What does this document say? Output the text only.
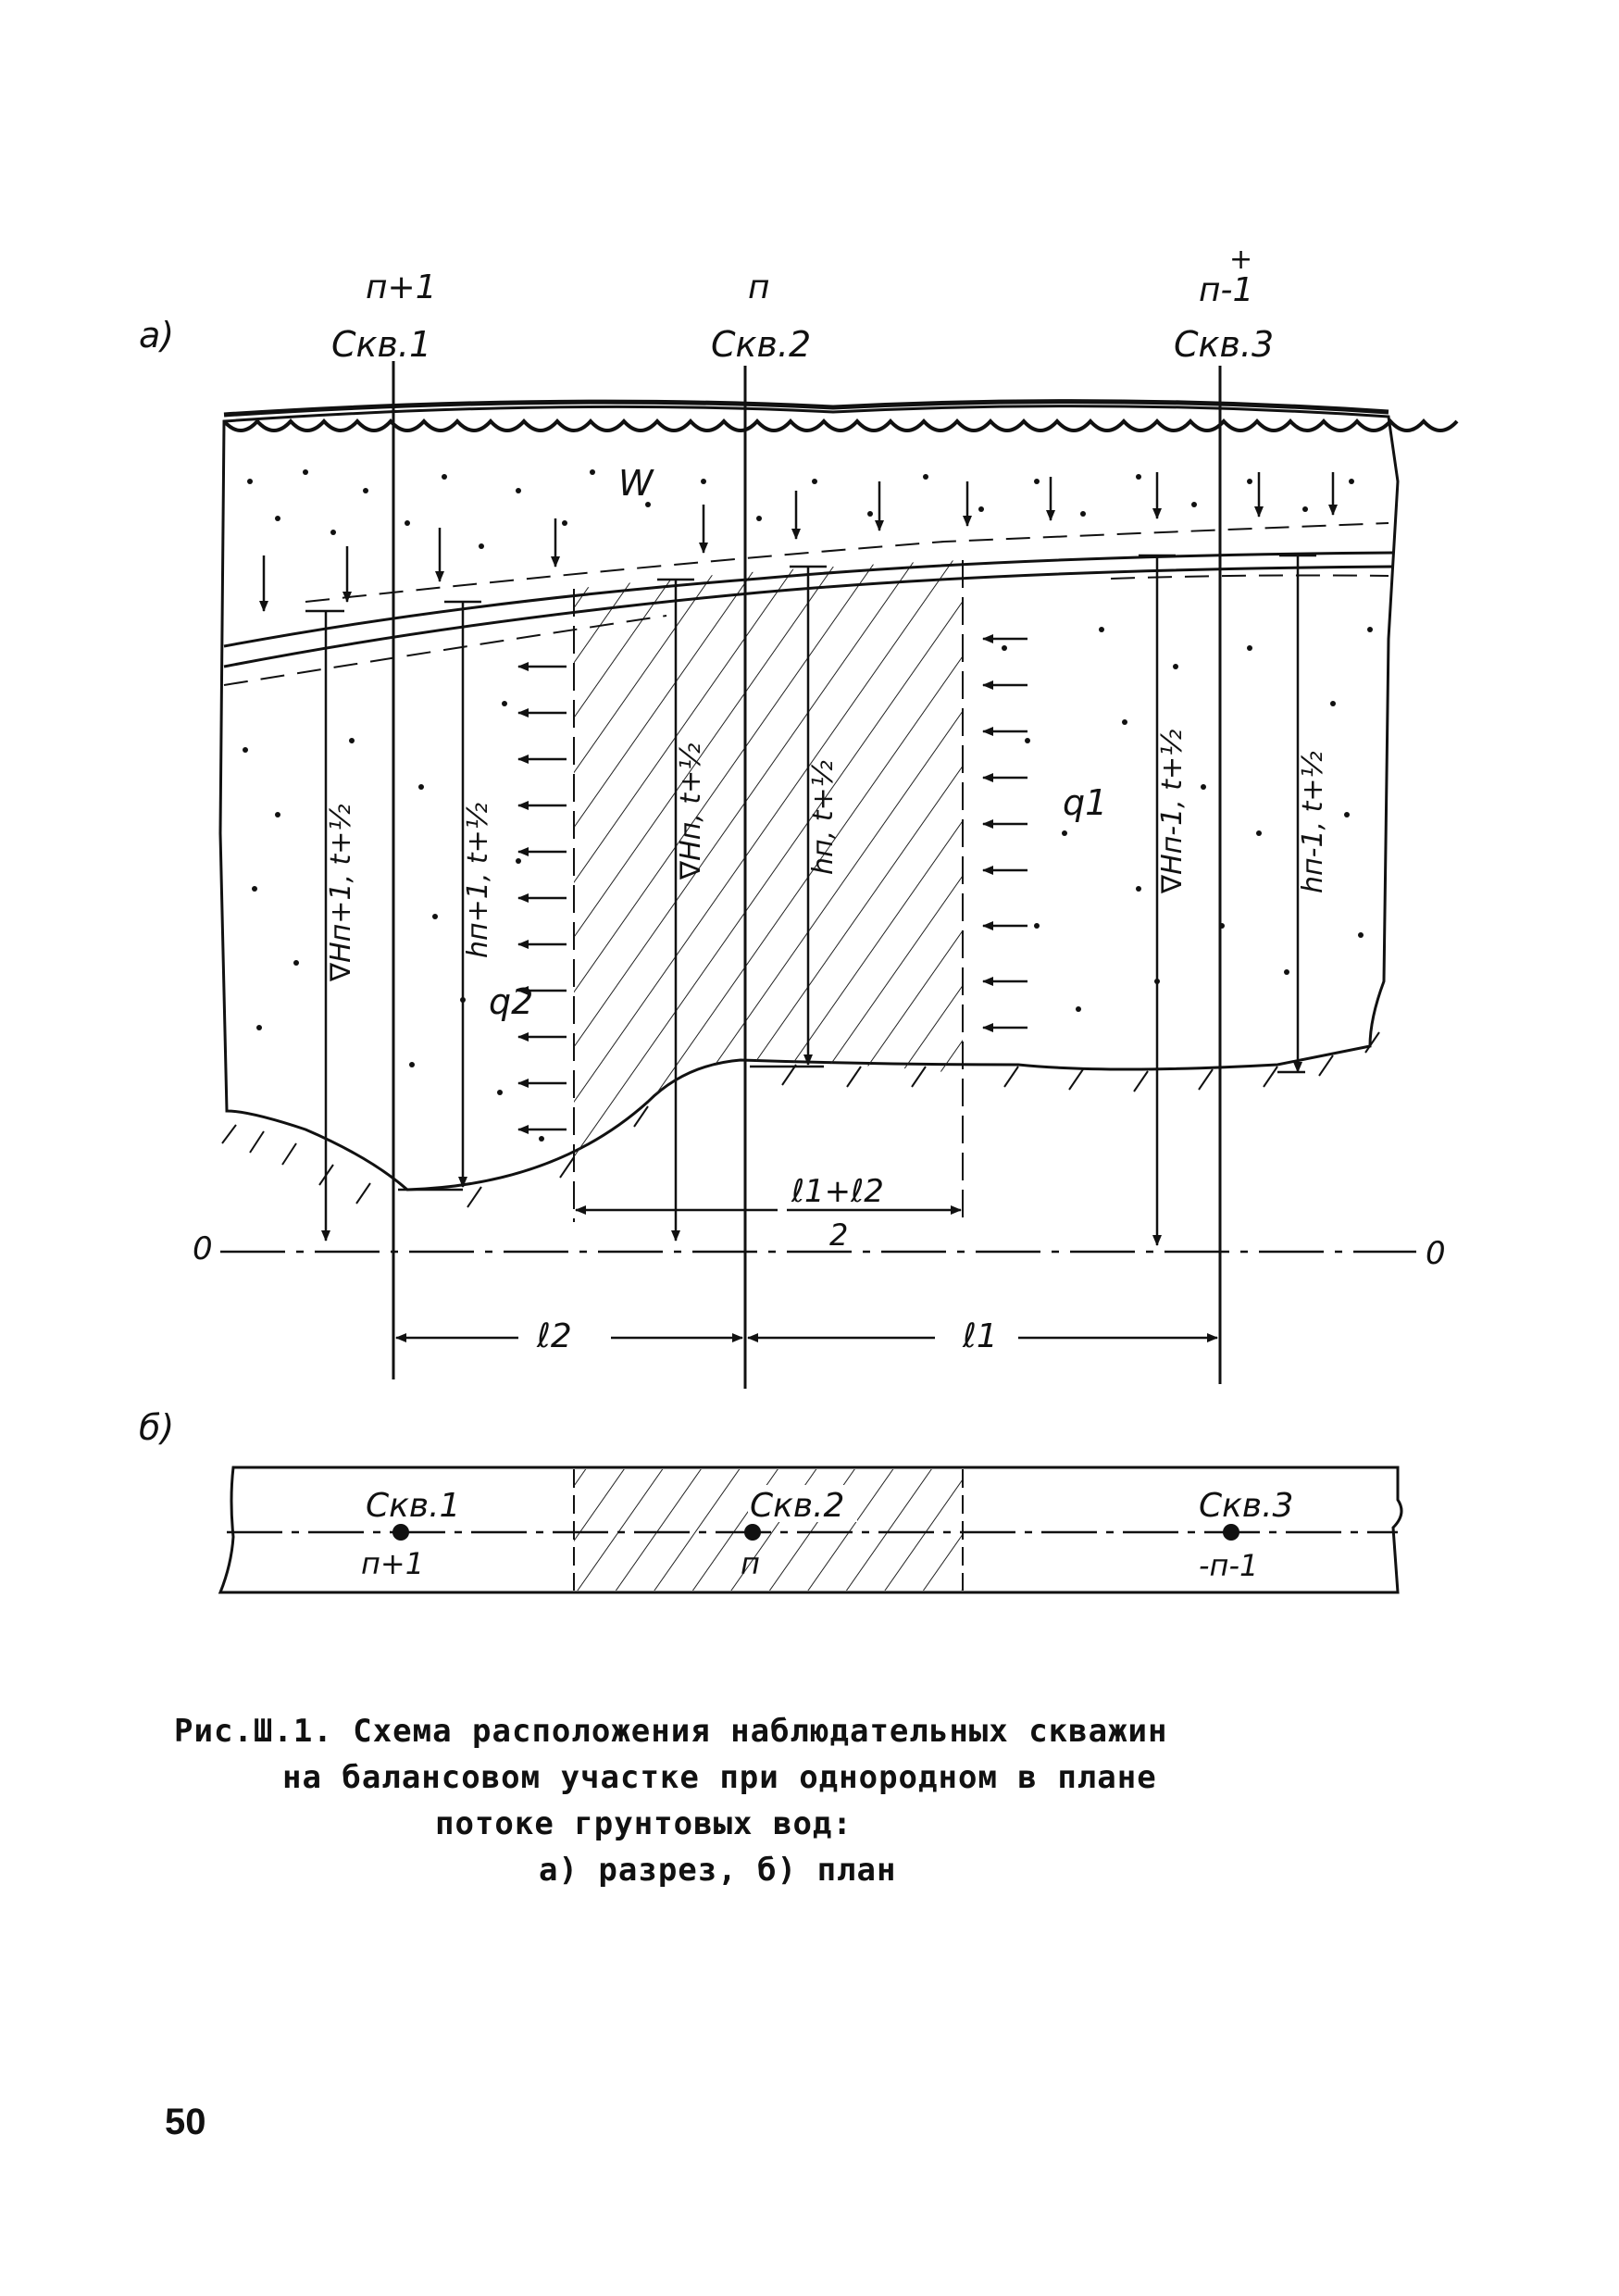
W
q1
q2
а)
п+1
Скв.1
п
Скв.2
+
п-1
Скв.3
∇Hп+1, t+½	hп+1, t+½	∇Hп, t+½	hп, t+½	∇Hп-1, t+½	hп-1, t+½
ℓ1+ℓ2
2
0	0
ℓ2	ℓ1
б)
Скв.1
п+1
Скв.2
п
Скв.3
-п-1
Рис.Ш.1. Схема расположения наблюдательных скважин
на балансовом участке при однородном в плане
потоке грунтовых вод:
а) разрез, б) план
50
